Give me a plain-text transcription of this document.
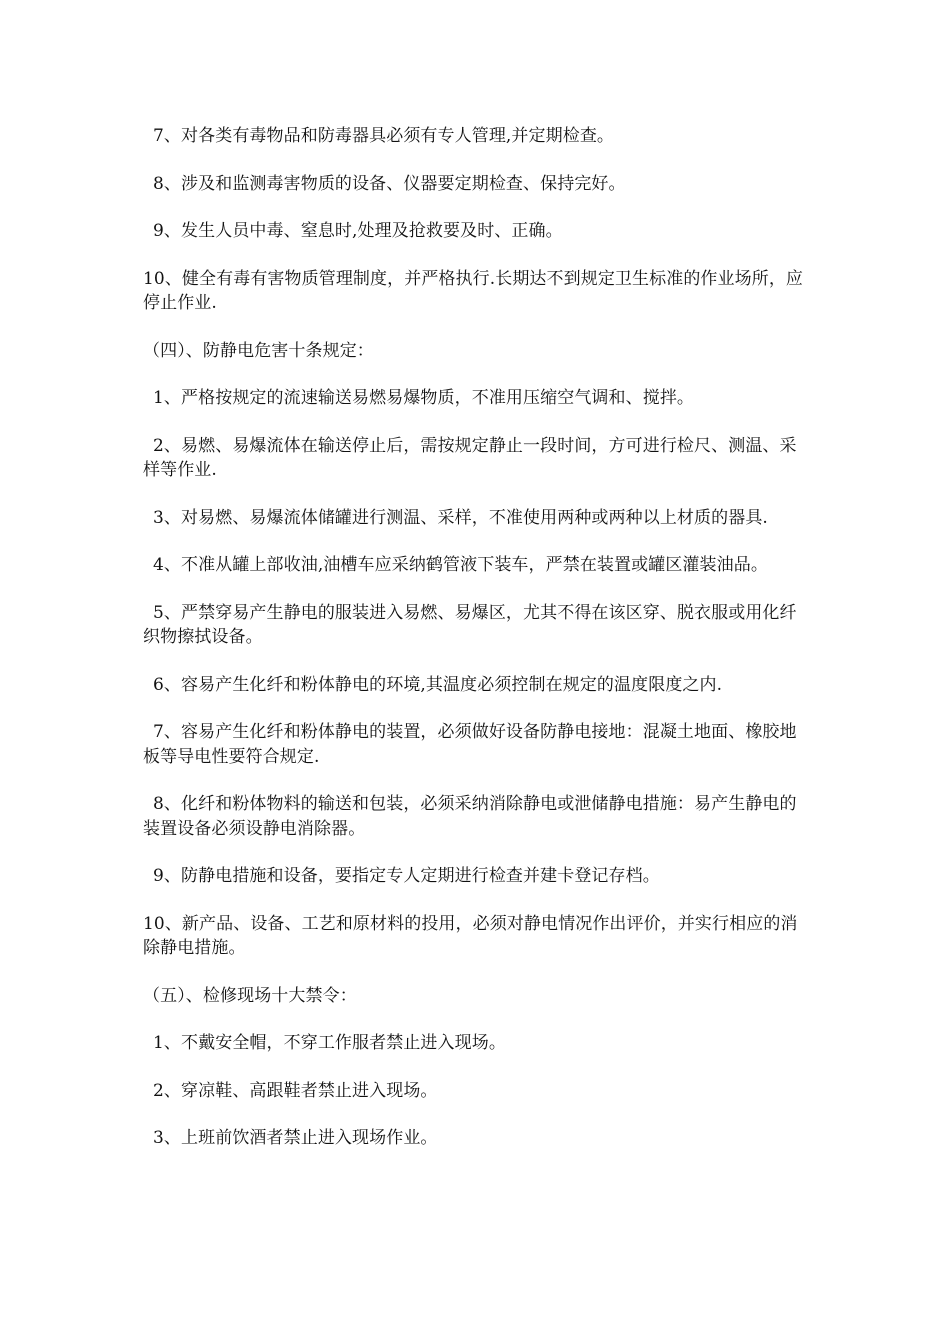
7、对各类有毒物品和防毒器具必须有专人管理,并定期检查。

8、涉及和监测毒害物质的设备、仪器要定期检查、保持完好。

9、发生人员中毒、窒息时,处理及抢救要及时、正确。

10、健全有毒有害物质管理制度，并严格执行.长期达不到规定卫生标准的作业场所，应停止作业.

（四）、防静电危害十条规定：

1、严格按规定的流速输送易燃易爆物质，不准用压缩空气调和、搅拌。

2、易燃、易爆流体在输送停止后，需按规定静止一段时间，方可进行检尺、测温、采样等作业.

3、对易燃、易爆流体储罐进行测温、采样，不准使用两种或两种以上材质的器具.

4、不准从罐上部收油,油槽车应采纳鹤管液下装车，严禁在装置或罐区灌装油品。

5、严禁穿易产生静电的服装进入易燃、易爆区，尤其不得在该区穿、脱衣服或用化纤织物擦拭设备。

6、容易产生化纤和粉体静电的环境,其温度必须控制在规定的温度限度之内.

7、容易产生化纤和粉体静电的装置，必须做好设备防静电接地：混凝土地面、橡胶地板等导电性要符合规定.

8、化纤和粉体物料的输送和包装，必须采纳消除静电或泄储静电措施：易产生静电的装置设备必须设静电消除器。

9、防静电措施和设备，要指定专人定期进行检查并建卡登记存档。

10、新产品、设备、工艺和原材料的投用，必须对静电情况作出评价，并实行相应的消除静电措施。

（五）、检修现场十大禁令：

1、不戴安全帽，不穿工作服者禁止进入现场。

2、穿凉鞋、高跟鞋者禁止进入现场。

3、上班前饮酒者禁止进入现场作业。
